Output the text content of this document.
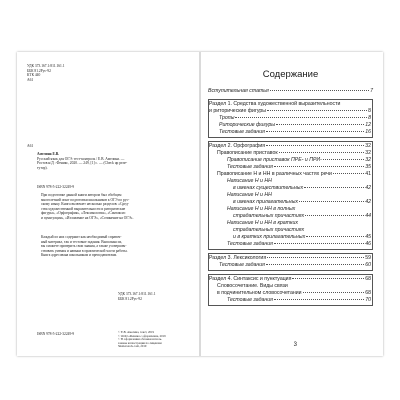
УДК 373.167.1:811.161.1
ББК 81.2Рус-92
КТК 440
А61
А61
Амелина Е.В.
Русский язык для ОГЭ: тест-контроль / Е.В. Амелина. —
Ростов н/Д : Феникс, 2020. — 249, [1] с. — (Check up реле-
тутор).
ISBN 978-5-222-32249-9
При подготовке данной книги автором был обобщен
многолетний опыт подготовки школьников к ОГЭ по рус-
скому языку. Книга включает несколько разделов: «Сред-
ства художественной выразительности и риторические
фигуры», «Орфография», «Лексикология», «Синтаксис
и пунктуация», «Изложение на ОГЭ», «Сочинение на ОГЭ».
Каждый из них содержит как необходимый справоч-
ный материал, так и тестовые задания. Выполняя их,
вы сможете проверить свои знания, а также усовершен-
ствовать умения и навыки в практической части работы.
Книга адресована школьникам и преподавателям.
УДК 373.167.1:811.161.1
ББК 81.2Рус-92
ISBN 978-5-222-32249-9	© Е.В. Амелина, текст, 2019
© ООО «Феникс»: оформление, 2019
© В оформлении обложки исполь-
зованы иллюстрации по лицензии
Shutterstock.com, 2019
Содержание
Вступительная статья	7
Раздел 1. Средства художественной выразительности
и риторические фигуры	8
Тропы	8
Риторические фигуры	12
Тестовые задания	16
Раздел 2. Орфография	32
Правописание приставок	32
Правописание приставок ПРЕ- и ПРИ-	32
Тестовые задания	35
Правописание Н и НН в различных частях речи	41
Написание Н и НН
в именах существительных	42
Написание Н и НН
в именах прилагательных	42
Написание Н и НН в полных
страдательных причастиях	44
Написание Н и НН в кратких
страдательных причастиях
и в кратких прилагательных	45
Тестовые задания	46
Раздел 3. Лексикология	59
Тестовые задания	60
Раздел 4. Синтаксис и пунктуация	68
Словосочетание. Виды связи
в подчинительном словосочетании	68
Тестовые задания	70
3
